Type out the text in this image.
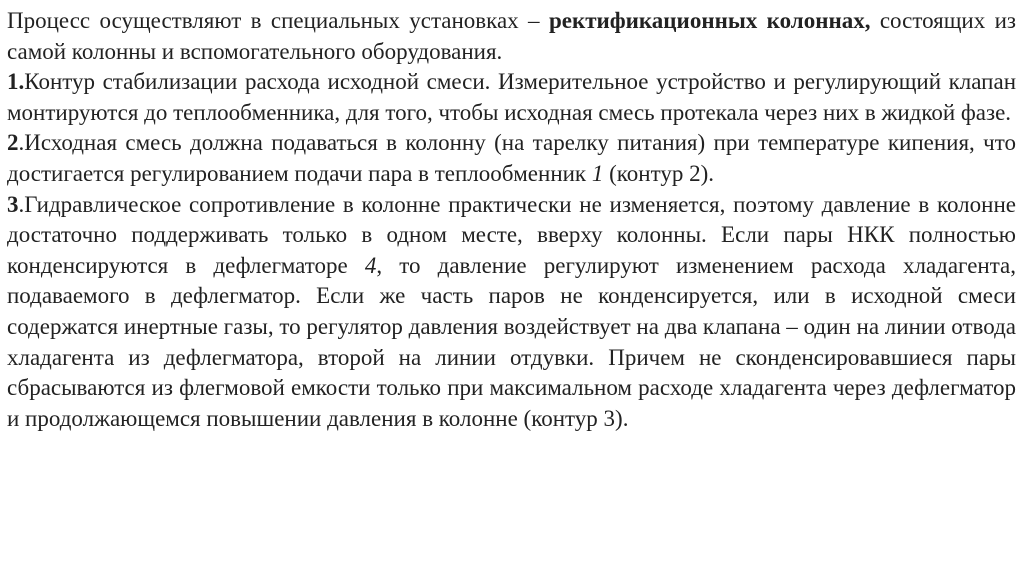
Процесс осуществляют в специальных установках – ректификационных колоннах, состоящих из самой колонны и вспомогательного оборудования.

1.Контур стабилизации расхода исходной смеси. Измерительное устройство и регулирующий клапан монтируются до теплообменника, для того, чтобы исходная смесь протекала через них в жидкой фазе.

2.Исходная смесь должна подаваться в колонну (на тарелку питания) при температуре кипения, что достигается регулированием подачи пара в теплообменник 1 (контур 2).

3.Гидравлическое сопротивление в колонне практически не изменяется, поэтому давление в колонне достаточно поддерживать только в одном месте, вверху колонны. Если пары НКК полностью конденсируются в дефлегматоре 4, то давление регулируют изменением расхода хладагента, подаваемого в дефлегматор. Если же часть паров не конденсируется, или в исходной смеси содержатся инертные газы, то регулятор давления воздействует на два клапана – один на линии отвода хладагента из дефлегматора, второй на линии отдувки. Причем не сконденсировавшиеся пары сбрасываются из флегмовой емкости только при максимальном расходе хладагента через дефлегматор и продолжающемся повышении давления в колонне (контур 3).
